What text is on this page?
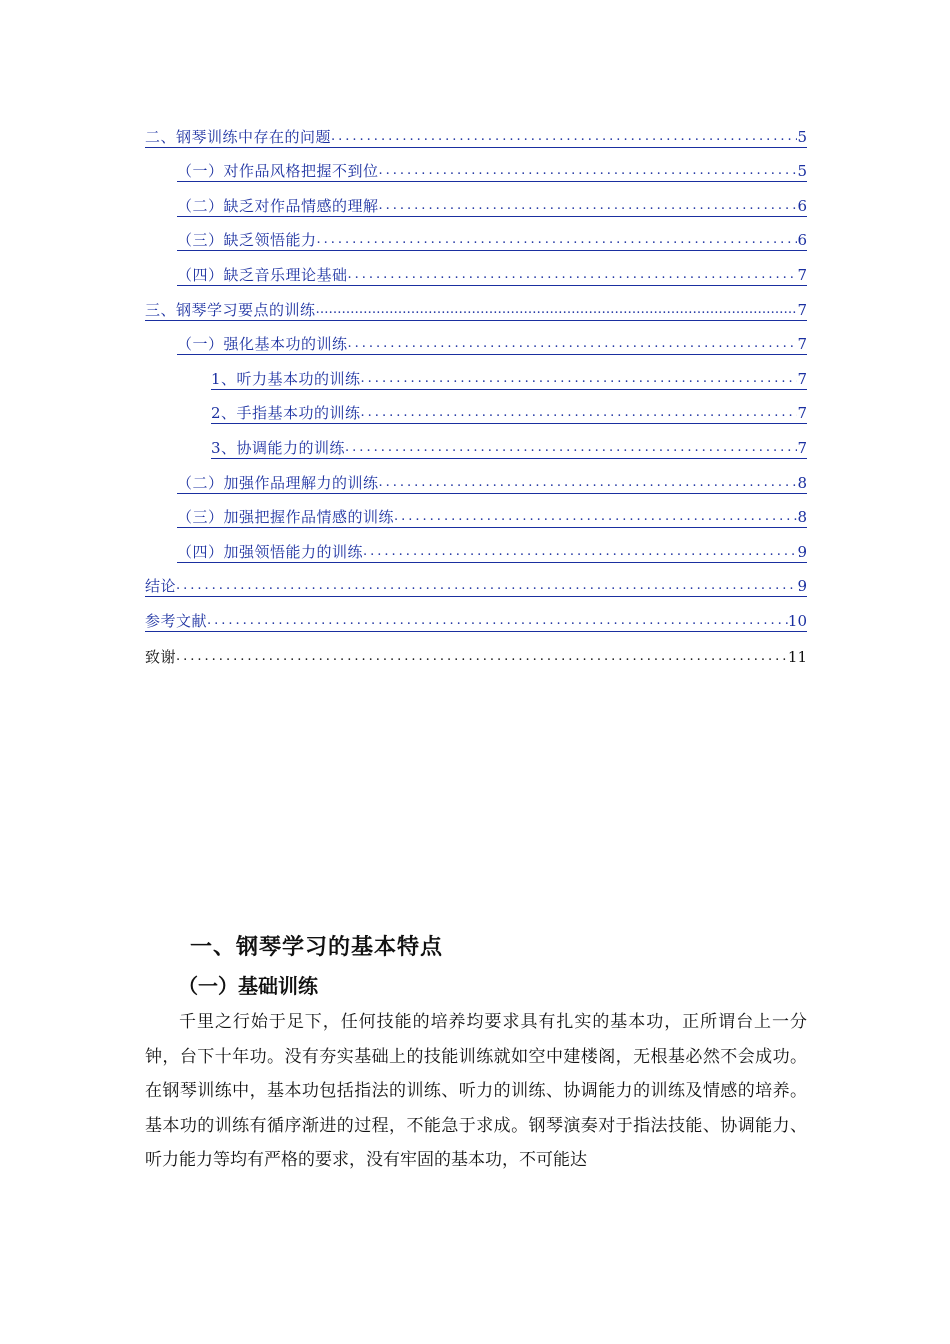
二、钢琴训练中存在的问题 .....	5
（一）对作品风格把握不到位 .....	5
（二）缺乏对作品情感的理解 .....	6
（三）缺乏领悟能力 .....	6
（四）缺乏音乐理论基础 .....	7
三、钢琴学习要点的训练 …………………………………………………………………………………………………………………………………………	7
（一）强化基本功的训练 .....	7
1、听力基本功的训练 .....	7
2、手指基本功的训练 .....	7
3、协调能力的训练 .....	7
（二）加强作品理解力的训练 .....	8
（三）加强把握作品情感的训练 .....	8
（四）加强领悟能力的训练 .....	9
结论 .....	9
参考文献 .....	10
致谢 .....	11
一、钢琴学习的基本特点
（一）基础训练

千里之行始于足下，任何技能的培养均要求具有扎实的基本功，正所谓台上一分钟，台下十年功。没有夯实基础上的技能训练就如空中建楼阁，无根基必然不会成功。在钢琴训练中，基本功包括指法的训练、听力的训练、协调能力的训练及情感的培养。基本功的训练有循序渐进的过程，不能急于求成。钢琴演奏对于指法技能、协调能力、听力能力等均有严格的要求，没有牢固的基本功，不可能达
